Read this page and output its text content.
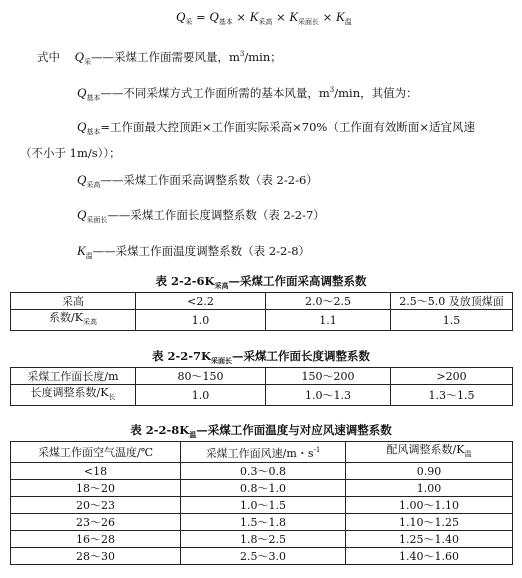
$Q_采 = Q_{基本} \times K_{采高} \times K_{采面长} \times K_温$
式中 $Q_采——$采煤工作面需要风量，$m^3/\min$；
$Q_{基本}——$不同采煤方式工作面所需的基本风量，$m^3/\min$，其值为：
$Q_{基本}=$工作面最大控顶距×工作面实际采高×70%（工作面有效断面×适宜风速
（不小于 1m/s））；
$Q_{采高}——$采煤工作面采高调整系数（表 2-2-6）
$Q_{采面长}——$采煤工作面长度调整系数（表 2-2-7）
$K_温——$采煤工作面温度调整系数（表 2-2-8）
表 $2-2-6K_{采高}—$采煤工作面采高调整系数
采高	<2.2	2.0～2.5	2.5～5.0 及放顶煤面
系数$/K_{采高}$	1.0	1.1	1.5
表 $2-2-7K_{采面长}—$采煤工作面长度调整系数
采煤工作面长度/m	80～150	150～200	>200
长度调整系数$/K_长$	1.0	1.0～1.3	1.3～1.5
表 $2-2-8K_温—$采煤工作面温度与对应风速调整系数
采煤工作面空气温度/℃	采煤工作面风速/m・$s^{-1}$	配风调整系数$/K_温$
<18	0.3～0.8	0.90
18～20	0.8～1.0	1.00
20～23	1.0～1.5	1.00～1.10
23～26	1.5～1.8	1.10～1.25
16～28	1.8～2.5	1.25～1.40
28～30	2.5～3.0	1.40～1.60
